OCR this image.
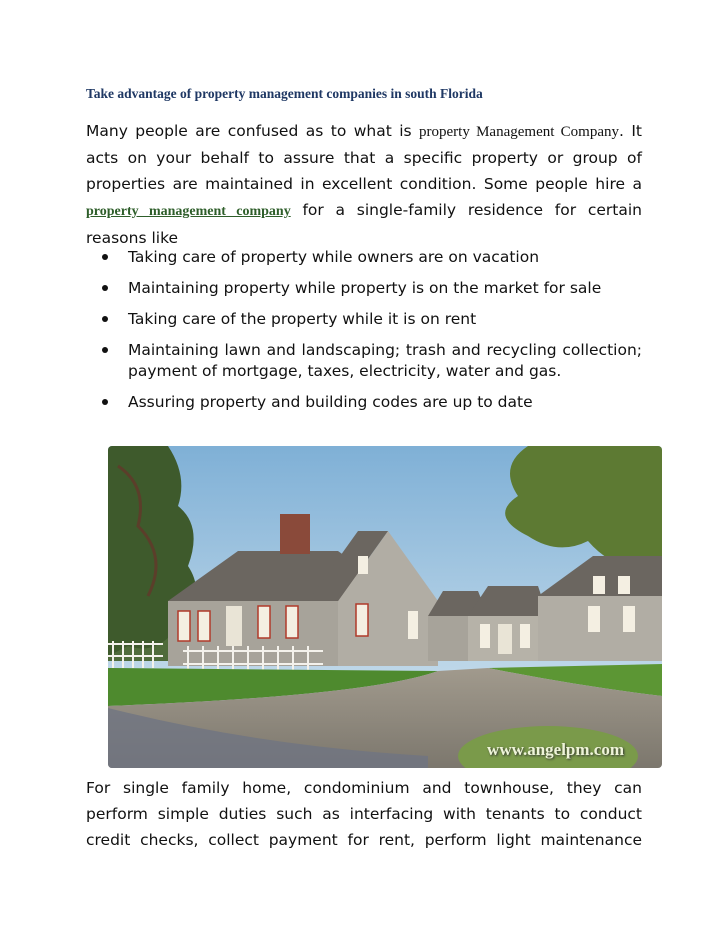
Take advantage of property management companies in south Florida

Many people are confused as to what is property Management Company. It acts on your behalf to assure that a specific property or group of properties are maintained in excellent condition. Some people hire a property management company for a single-family residence for certain reasons like

Taking care of property while owners are on vacation
Maintaining property while property is on the market for sale
Taking care of the property while it is on rent
Maintaining lawn and landscaping; trash and recycling collection; payment of mortgage, taxes, electricity, water and gas.
Assuring property and building codes are up to date
www.angelpm.com

For single family home, condominium and townhouse, they can perform simple duties such as interfacing with tenants to conduct credit checks, collect payment for rent, perform light maintenance
